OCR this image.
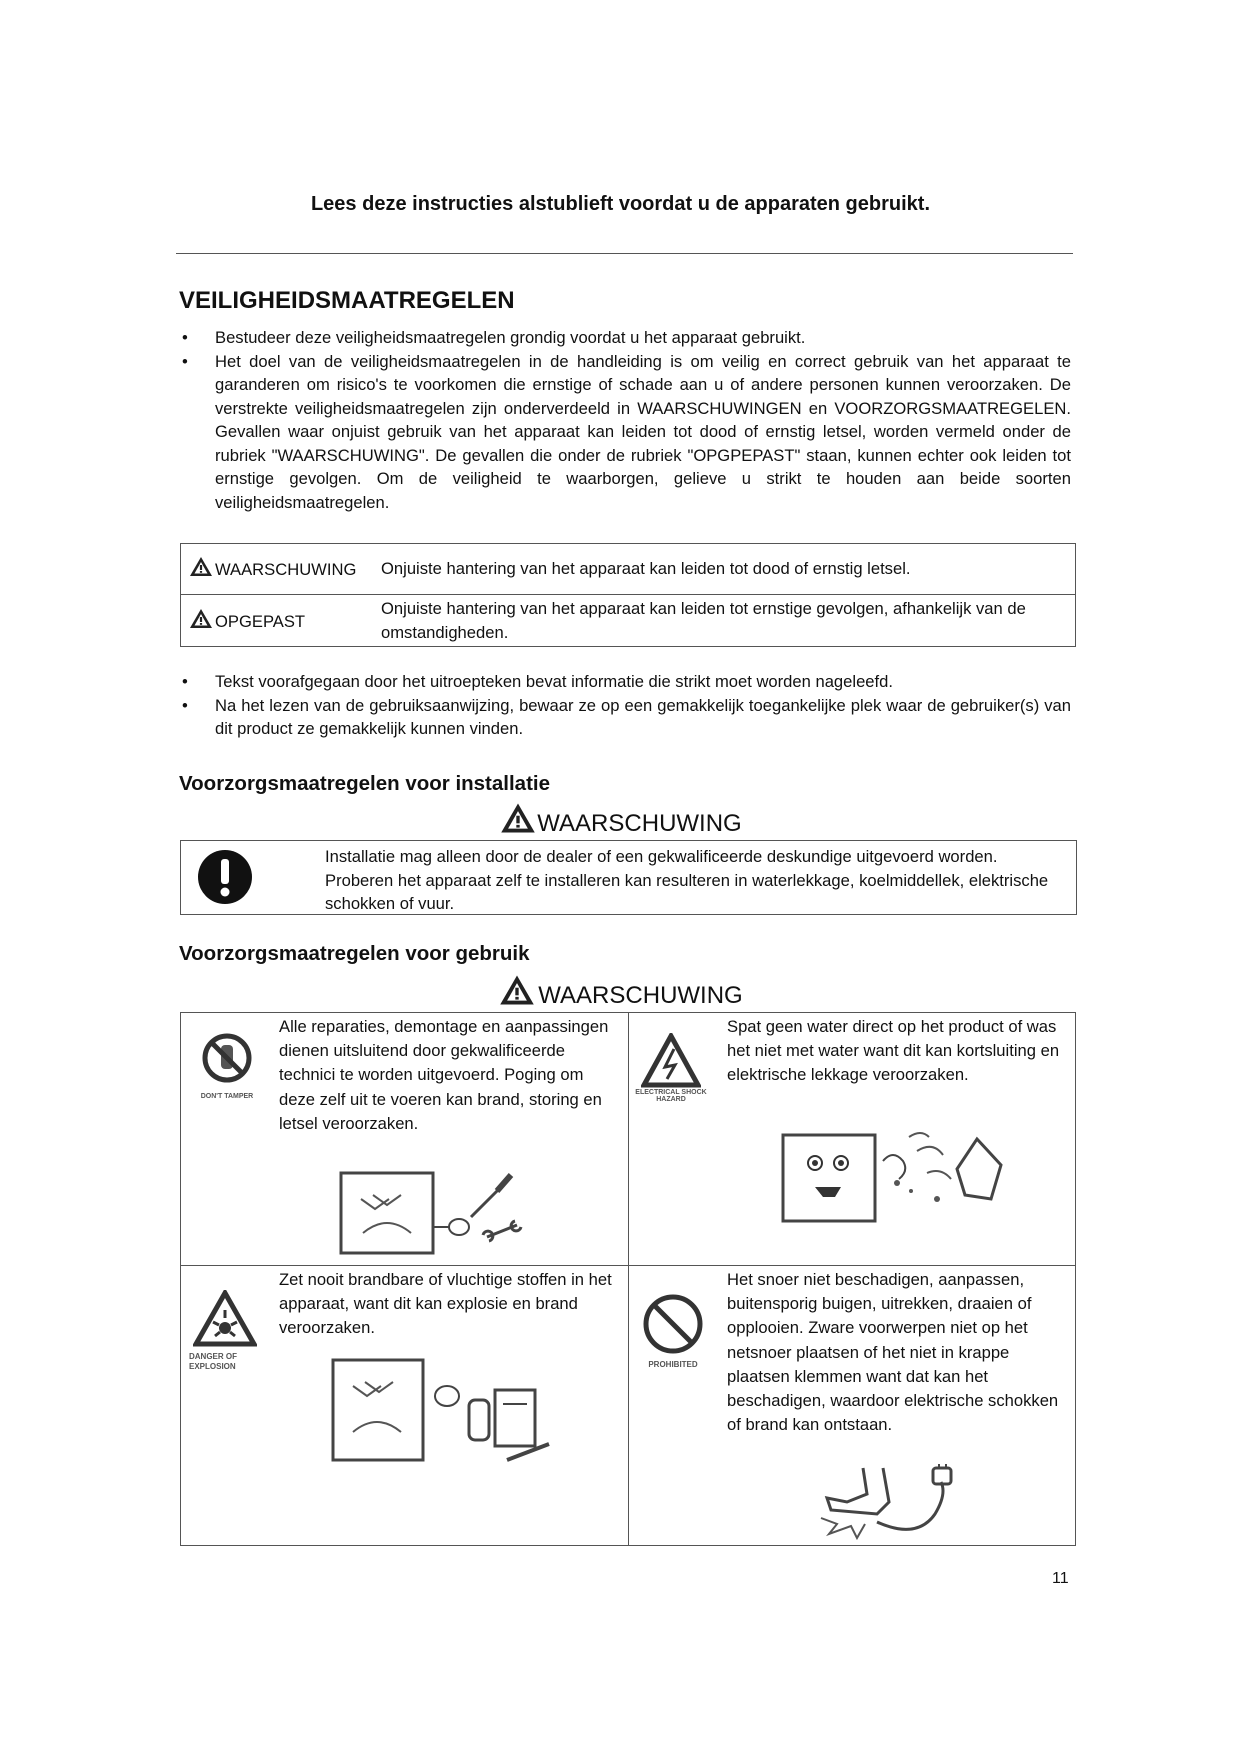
Lees deze instructies alstublieft voordat u de apparaten gebruikt.
VEILIGHEIDSMAATREGELEN
• Bestudeer deze veiligheidsmaatregelen grondig voordat u het apparaat gebruikt.
• Het doel van de veiligheidsmaatregelen in de handleiding is om veilig en correct gebruik van het apparaat te garanderen om risico's te voorkomen die ernstige of schade aan u of andere personen kunnen veroorzaken. De verstrekte veiligheidsmaatregelen zijn onderverdeeld in WAARSCHUWINGEN en VOORZORGSMAATREGELEN. Gevallen waar onjuist gebruik van het apparaat kan leiden tot dood of ernstig letsel, worden vermeld onder de rubriek "WAARSCHUWING". De gevallen die onder de rubriek "OPGPEPAST" staan, kunnen echter ook leiden tot ernstige gevolgen. Om de veiligheid te waarborgen, gelieve u strikt te houden aan beide soorten veiligheidsmaatregelen.
WAARSCHUWING	Onjuiste hantering van het apparaat kan leiden tot dood of ernstig letsel.
OPGEPAST	Onjuiste hantering van het apparaat kan leiden tot ernstige gevolgen, afhankelijk van de omstandigheden.
• Tekst voorafgegaan door het uitroepteken bevat informatie die strikt moet worden nageleefd.
• Na het lezen van de gebruiksaanwijzing, bewaar ze op een gemakkelijk toegankelijke plek waar de gebruiker(s) van dit product ze gemakkelijk kunnen vinden.
Voorzorgsmaatregelen voor installatie
WAARSCHUWING
Installatie mag alleen door de dealer of een gekwalificeerde deskundige uitgevoerd worden. Proberen het apparaat zelf te installeren kan resulteren in waterlekkage, koelmiddellek, elektrische schokken of vuur.
Voorzorgsmaatregelen voor gebruik
WAARSCHUWING
DON'T TAMPER
Alle reparaties, demontage en aanpassingen dienen uitsluitend door gekwalificeerde technici te worden uitgevoerd. Poging om deze zelf uit te voeren kan brand, storing en letsel veroorzaken.
ELECTRICAL SHOCK HAZARD
Spat geen water direct op het product of was het niet met water want dit kan kortsluiting en elektrische lekkage veroorzaken.
DANGER OF EXPLOSION
Zet nooit brandbare of vluchtige stoffen in het apparaat, want dit kan explosie en brand veroorzaken.
PROHIBITED
Het snoer niet beschadigen, aanpassen, buitensporig buigen, uitrekken, draaien of opplooien. Zware voorwerpen niet op het netsnoer plaatsen of het niet in krappe plaatsen klemmen want dat kan het beschadigen, waardoor elektrische schokken of brand kan ontstaan.
11
